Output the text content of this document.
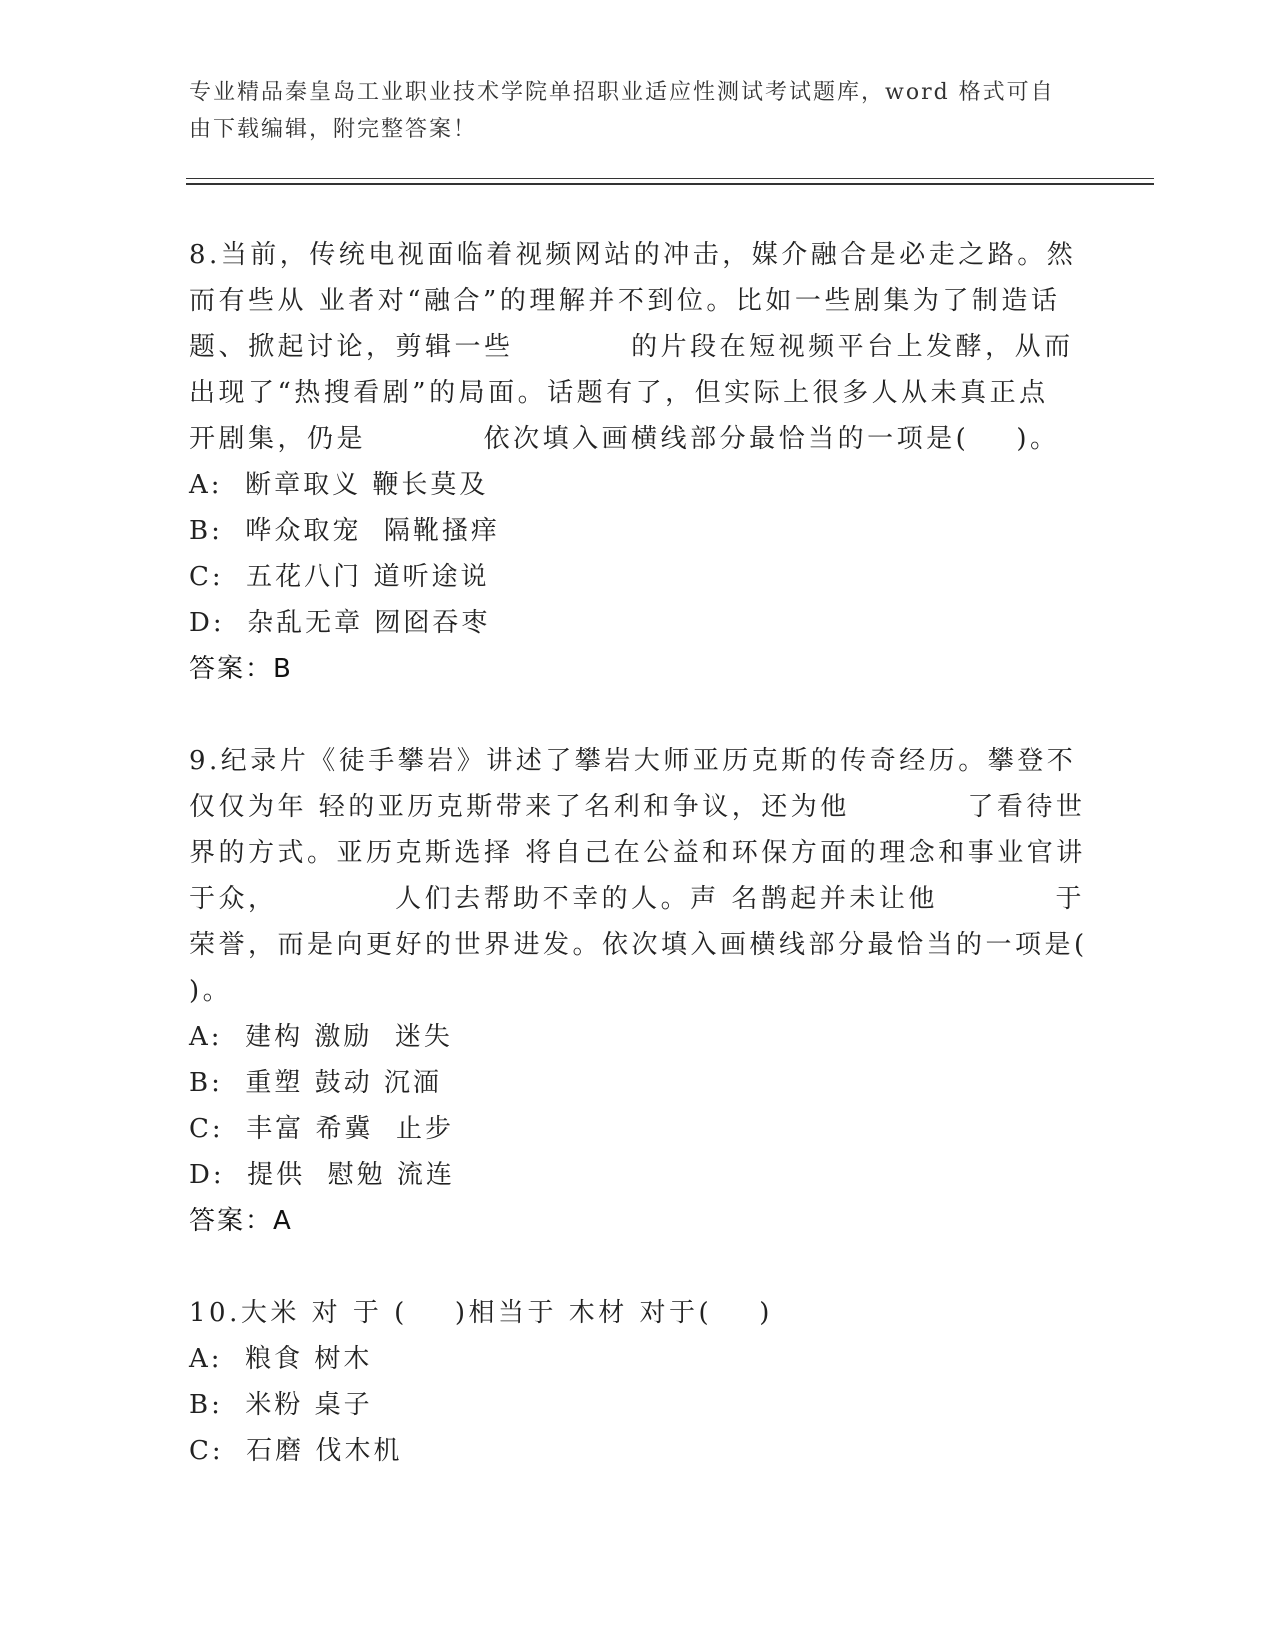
专业精品秦皇岛工业职业技术学院单招职业适应性测试考试题库，word 格式可自
由下载编辑，附完整答案！
8.当前，传统电视面临着视频网站的冲击，媒介融合是必走之路。然
而有些从 业者对“融合”的理解并不到位。比如一些剧集为了制造话
题、掀起讨论，剪辑一些          的片段在短视频平台上发酵，从而
出现了“热搜看剧”的局面。话题有了，但实际上很多人从未真正点
开剧集，仍是          依次填入画横线部分最恰当的一项是(    )。
A:  断章取义 鞭长莫及
B:  哗众取宠  隔靴搔痒
C:  五花八门 道听途说
D:  杂乱无章 囫囵吞枣
答案：B
9.纪录片《徒手攀岩》讲述了攀岩大师亚历克斯的传奇经历。攀登不
仅仅为年 轻的亚历克斯带来了名利和争议，还为他          了看待世
界的方式。亚历克斯选择 将自己在公益和环保方面的理念和事业官讲
于众，          人们去帮助不幸的人。声 名鹊起并未让他          于
荣誉，而是向更好的世界进发。依次填入画横线部分最恰当的一项是(
)。
A:  建构 激励  迷失
B:  重塑 鼓动 沉湎
C:  丰富 希冀  止步
D:  提供  慰勉 流连
答案：A
10.大米 对 于 (    )相当于 木材 对于(    )
A:  粮食 树木
B:  米粉 桌子
C:  石磨 伐木机
